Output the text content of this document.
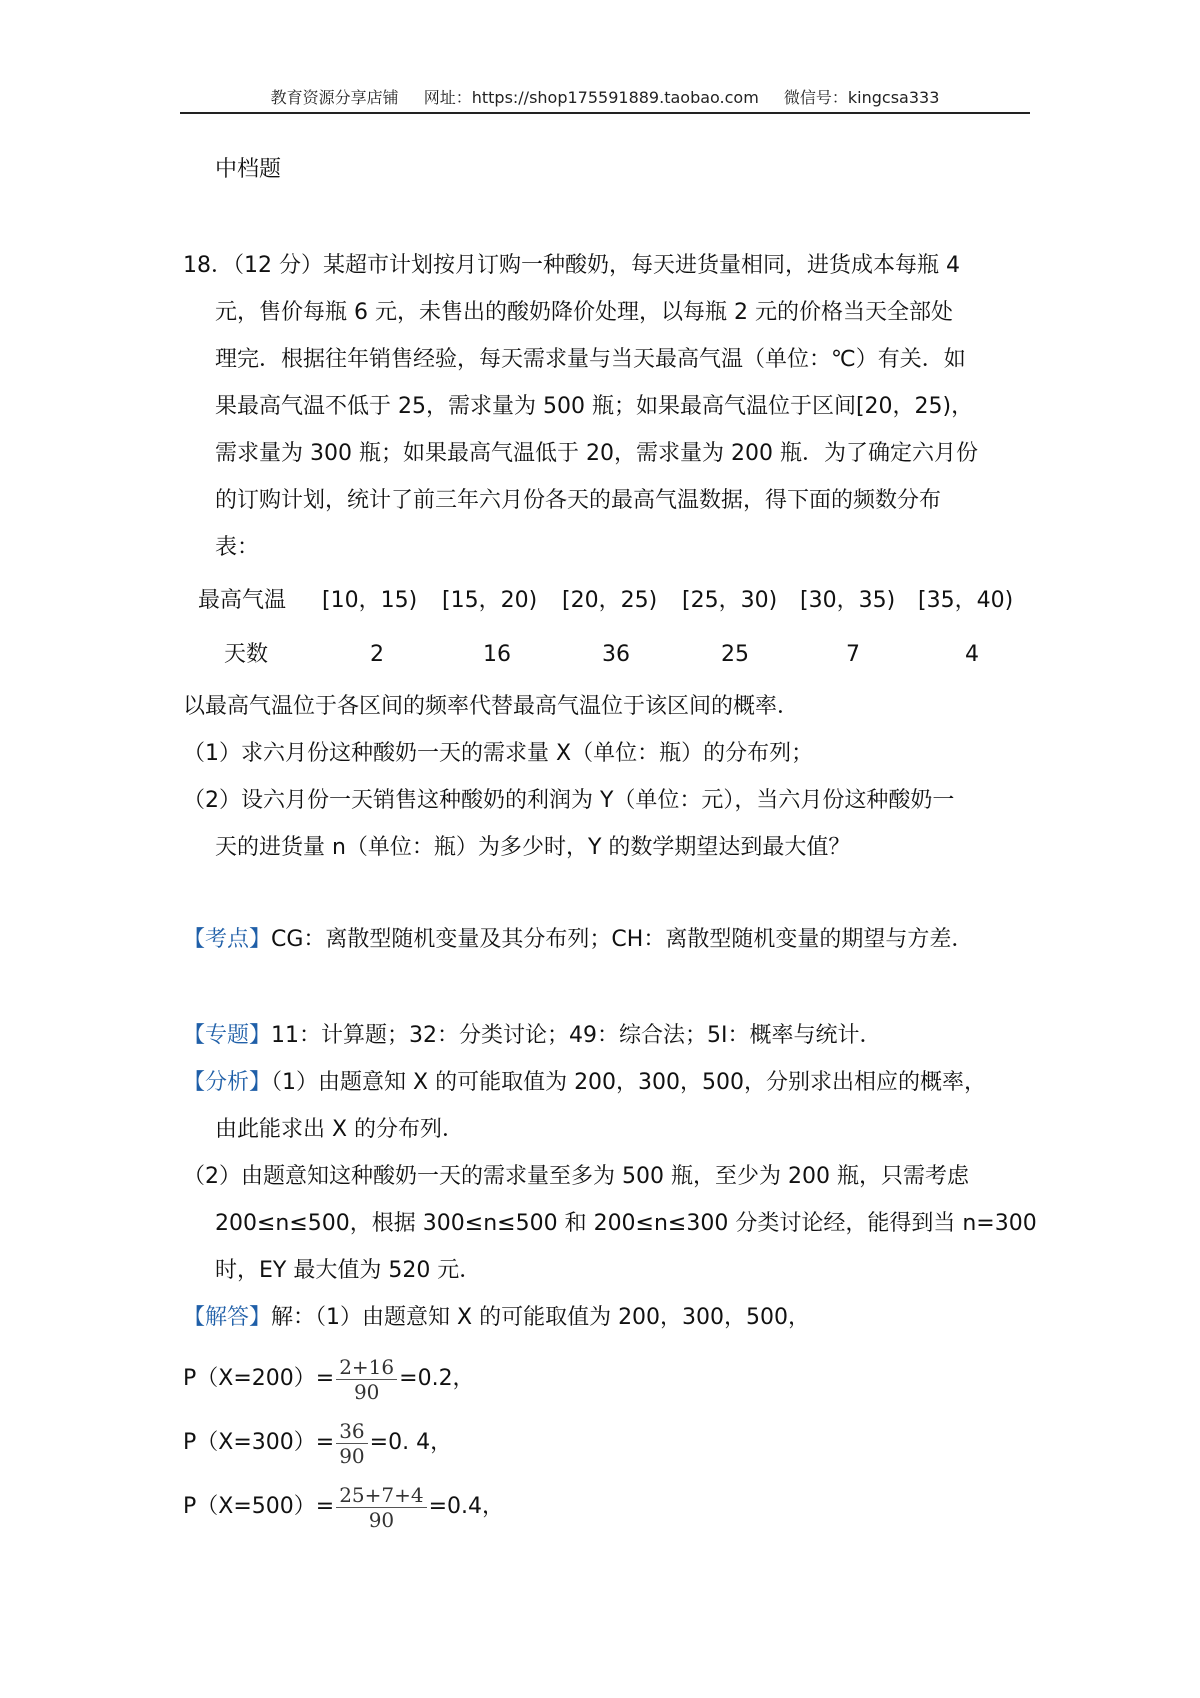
教育资源分享店铺 网址：https://shop175591889.taobao.com 微信号：kingcsa333
中档题
18．（12 分）某超市计划按月订购一种酸奶，每天进货量相同，进货成本每瓶 4
元，售价每瓶 6 元，未售出的酸奶降价处理，以每瓶 2 元的价格当天全部处
理完．根据往年销售经验，每天需求量与当天最高气温（单位：℃）有关．如
果最高气温不低于 25，需求量为 500 瓶；如果最高气温位于区间[20，25)，
需求量为 300 瓶；如果最高气温低于 20，需求量为 200 瓶．为了确定六月份
的订购计划，统计了前三年六月份各天的最高气温数据，得下面的频数分布
表：
最高气温 [10，15) [15，20) [20，25) [25，30) [30，35) [35，40)
天数	2	16	36	25	7	4
以最高气温位于各区间的频率代替最高气温位于该区间的概率．
（1）求六月份这种酸奶一天的需求量 X（单位：瓶）的分布列；
（2）设六月份一天销售这种酸奶的利润为 Y（单位：元），当六月份这种酸奶一
天的进货量 n（单位：瓶）为多少时，Y 的数学期望达到最大值？
【考点】CG：离散型随机变量及其分布列；CH：离散型随机变量的期望与方差．
【专题】11：计算题；32：分类讨论；49：综合法；5I：概率与统计．
【分析】（1）由题意知 X 的可能取值为 200，300，500，分别求出相应的概率，
由此能求出 X 的分布列．
（2）由题意知这种酸奶一天的需求量至多为 500 瓶，至少为 200 瓶，只需考虑
200≤n≤500，根据 300≤n≤500 和 200≤n≤300 分类讨论经，能得到当 n=300
时，EY 最大值为 520 元．
【解答】解：（1）由题意知 X 的可能取值为 200，300，500，
$P(X=200)= \frac{2+16}{90} =0.2$，
$P(X=300)= \frac{36}{90} =0$. 4，
$P(X=500)= \frac{25+7+4}{90} =0.4$，
